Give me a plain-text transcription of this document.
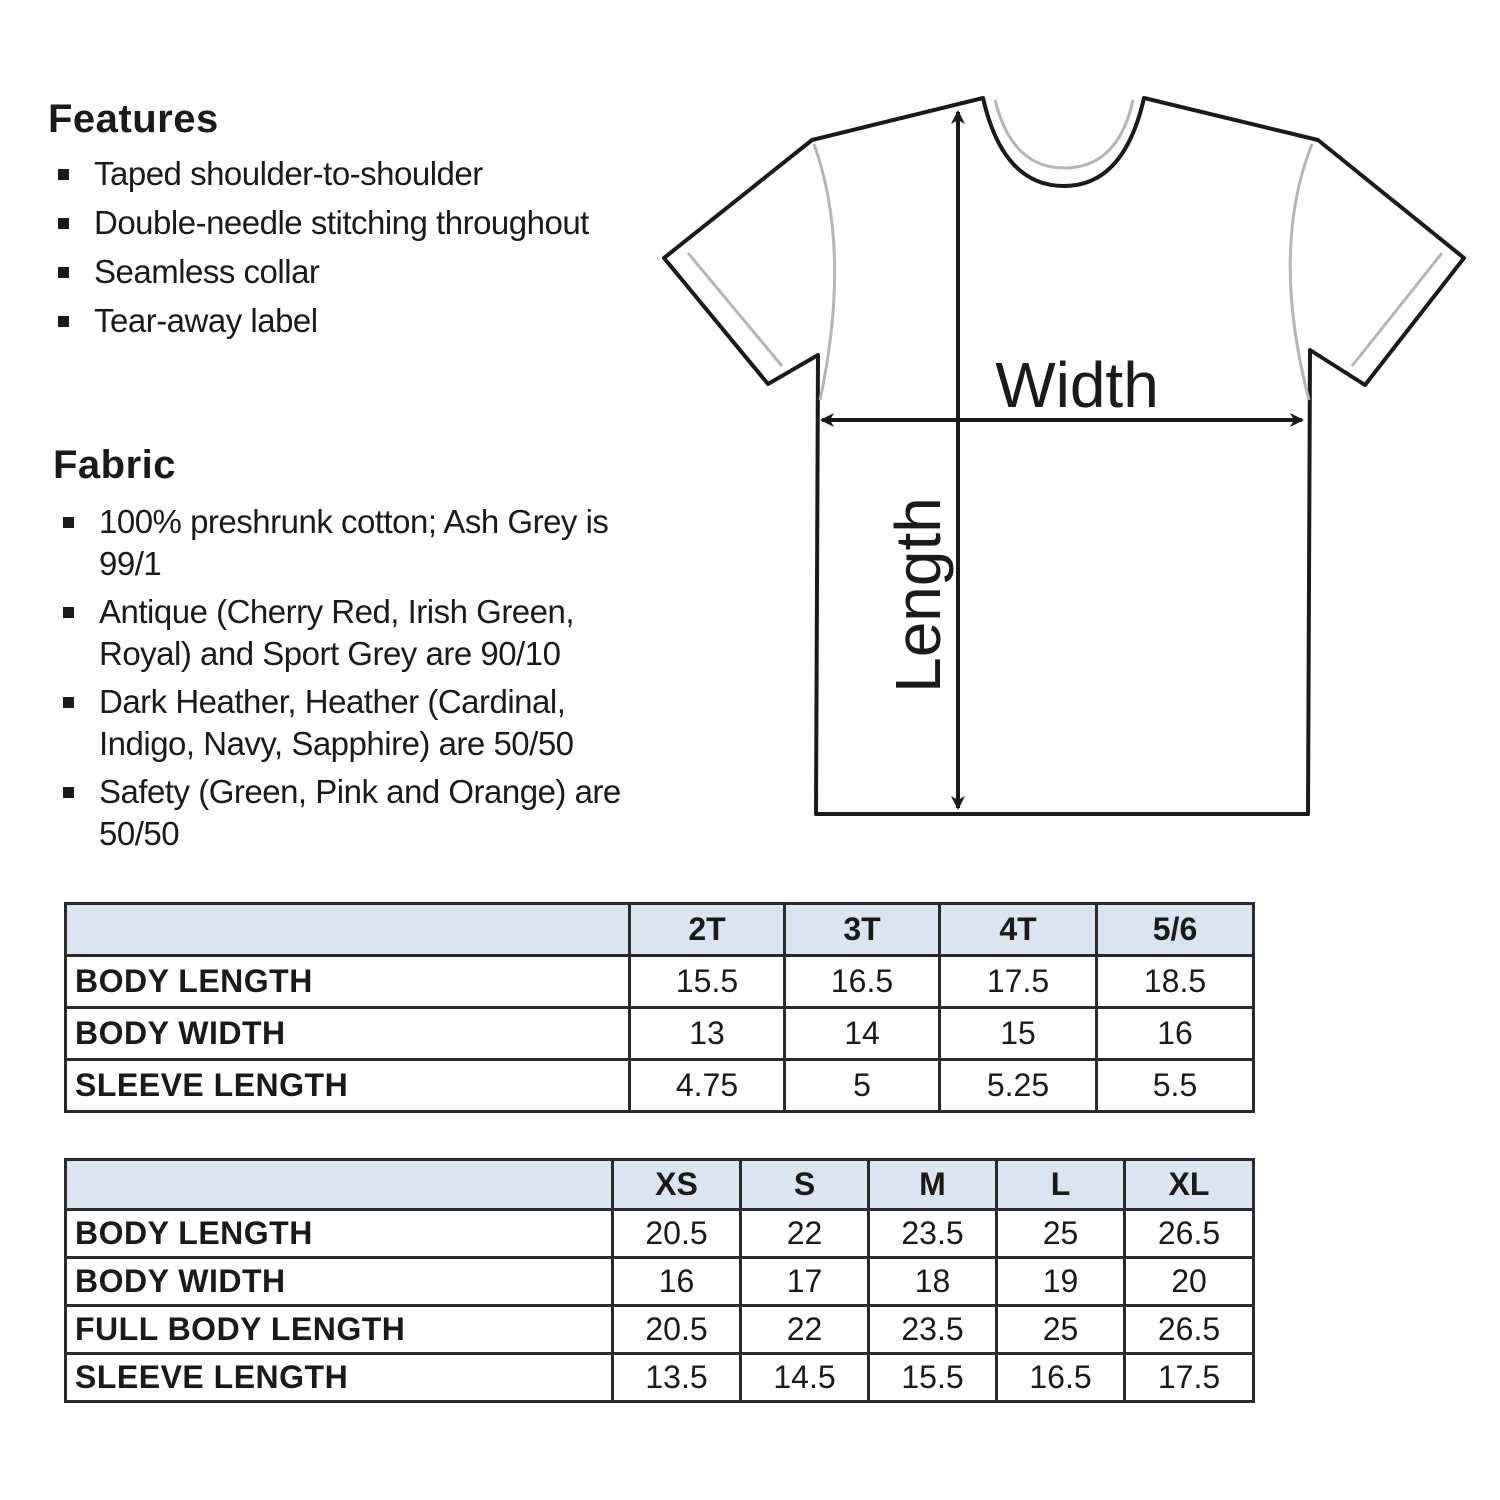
Features
Taped shoulder-to-shoulder
Double-needle stitching throughout
Seamless collar
Tear-away label
Fabric
100% preshrunk cotton; Ash Grey is 99/1
Antique (Cherry Red, Irish Green, Royal) and Sport Grey are 90/10
Dark Heather, Heather (Cardinal, Indigo, Navy, Sapphire) are 50/50
Safety (Green, Pink and Orange) are 50/50
Width
Length
	2T	3T	4T	5/6
BODY LENGTH	15.5	16.5	17.5	18.5
BODY WIDTH	13	14	15	16
SLEEVE LENGTH	4.75	5	5.25	5.5
	XS	S	M	L	XL
BODY LENGTH	20.5	22	23.5	25	26.5
BODY WIDTH	16	17	18	19	20
FULL BODY LENGTH	20.5	22	23.5	25	26.5
SLEEVE LENGTH	13.5	14.5	15.5	16.5	17.5
